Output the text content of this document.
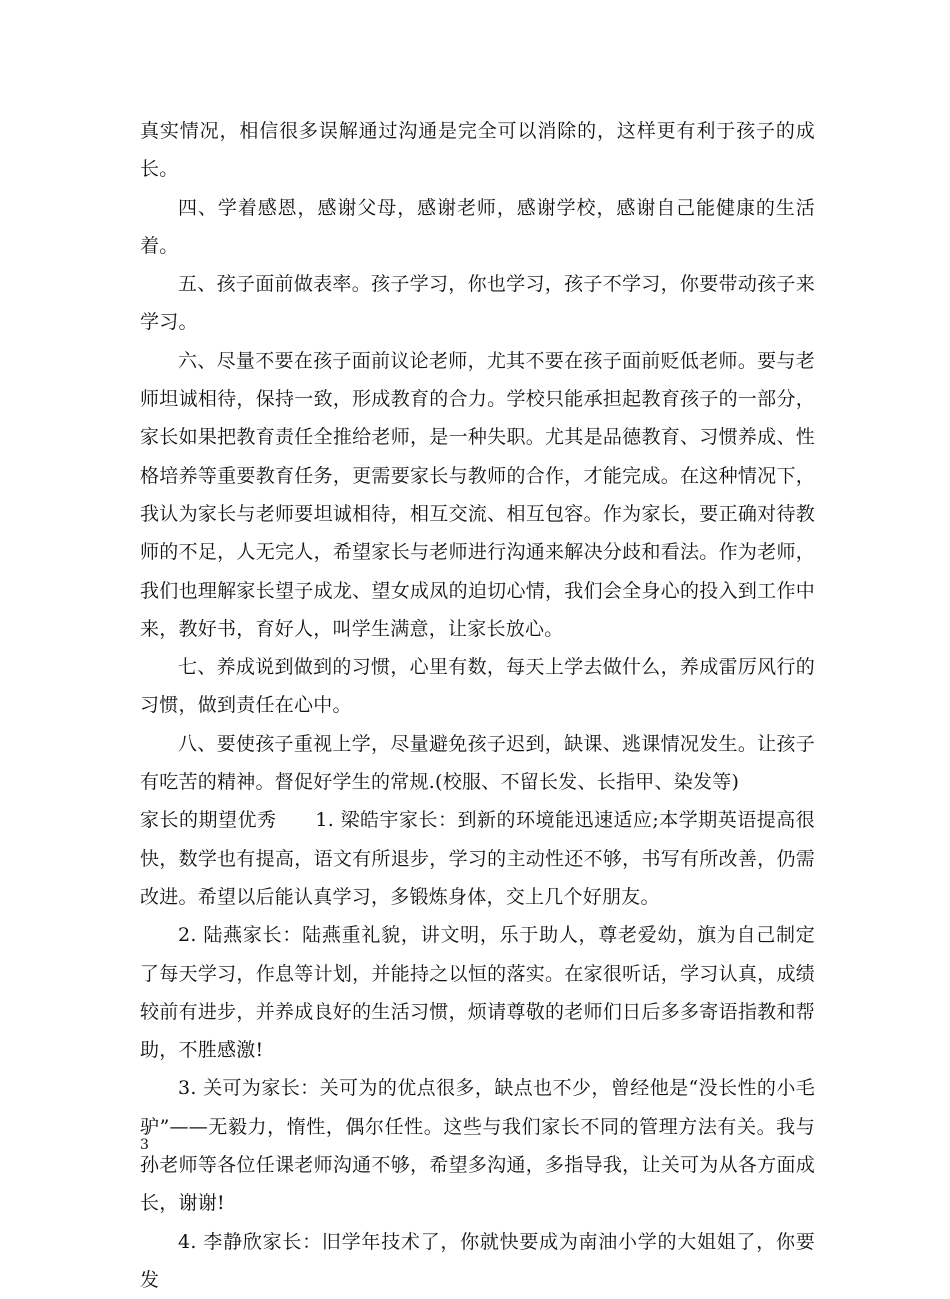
真实情况，相信很多误解通过沟通是完全可以消除的，这样更有利于孩子的成长。

四、学着感恩，感谢父母，感谢老师，感谢学校，感谢自己能健康的生活着。

五、孩子面前做表率。孩子学习，你也学习，孩子不学习，你要带动孩子来学习。

六、尽量不要在孩子面前议论老师，尤其不要在孩子面前贬低老师。要与老师坦诚相待，保持一致，形成教育的合力。学校只能承担起教育孩子的一部分，家长如果把教育责任全推给老师，是一种失职。尤其是品德教育、习惯养成、性格培养等重要教育任务，更需要家长与教师的合作，才能完成。在这种情况下，我认为家长与老师要坦诚相待，相互交流、相互包容。作为家长，要正确对待教师的不足，人无完人，希望家长与老师进行沟通来解决分歧和看法。作为老师，我们也理解家长望子成龙、望女成凤的迫切心情，我们会全身心的投入到工作中来，教好书，育好人，叫学生满意，让家长放心。

七、养成说到做到的习惯，心里有数，每天上学去做什么，养成雷厉风行的习惯，做到责任在心中。

八、要使孩子重视上学，尽量避免孩子迟到，缺课、逃课情况发生。让孩子有吃苦的精神。督促好学生的常规.(校服、不留长发、长指甲、染发等)

家长的期望优秀　　1. 梁皓宇家长：到新的环境能迅速适应;本学期英语提高很快，数学也有提高，语文有所退步，学习的主动性还不够，书写有所改善，仍需改进。希望以后能认真学习，多锻炼身体，交上几个好朋友。

2. 陆燕家长：陆燕重礼貌，讲文明，乐于助人，尊老爱幼，旗为自己制定了每天学习，作息等计划，并能持之以恒的落实。在家很听话，学习认真，成绩较前有进步，并养成良好的生活习惯，烦请尊敬的老师们日后多多寄语指教和帮助，不胜感激!

3. 关可为家长：关可为的优点很多，缺点也不少，曾经他是“没长性的小毛驴”——无毅力，惰性，偶尔任性。这些与我们家长不同的管理方法有关。我与孙老师等各位任课老师沟通不够，希望多沟通，多指导我，让关可为从各方面成长，谢谢!

4. 李静欣家长：旧学年技术了，你就快要成为南油小学的大姐姐了，你要发

3
